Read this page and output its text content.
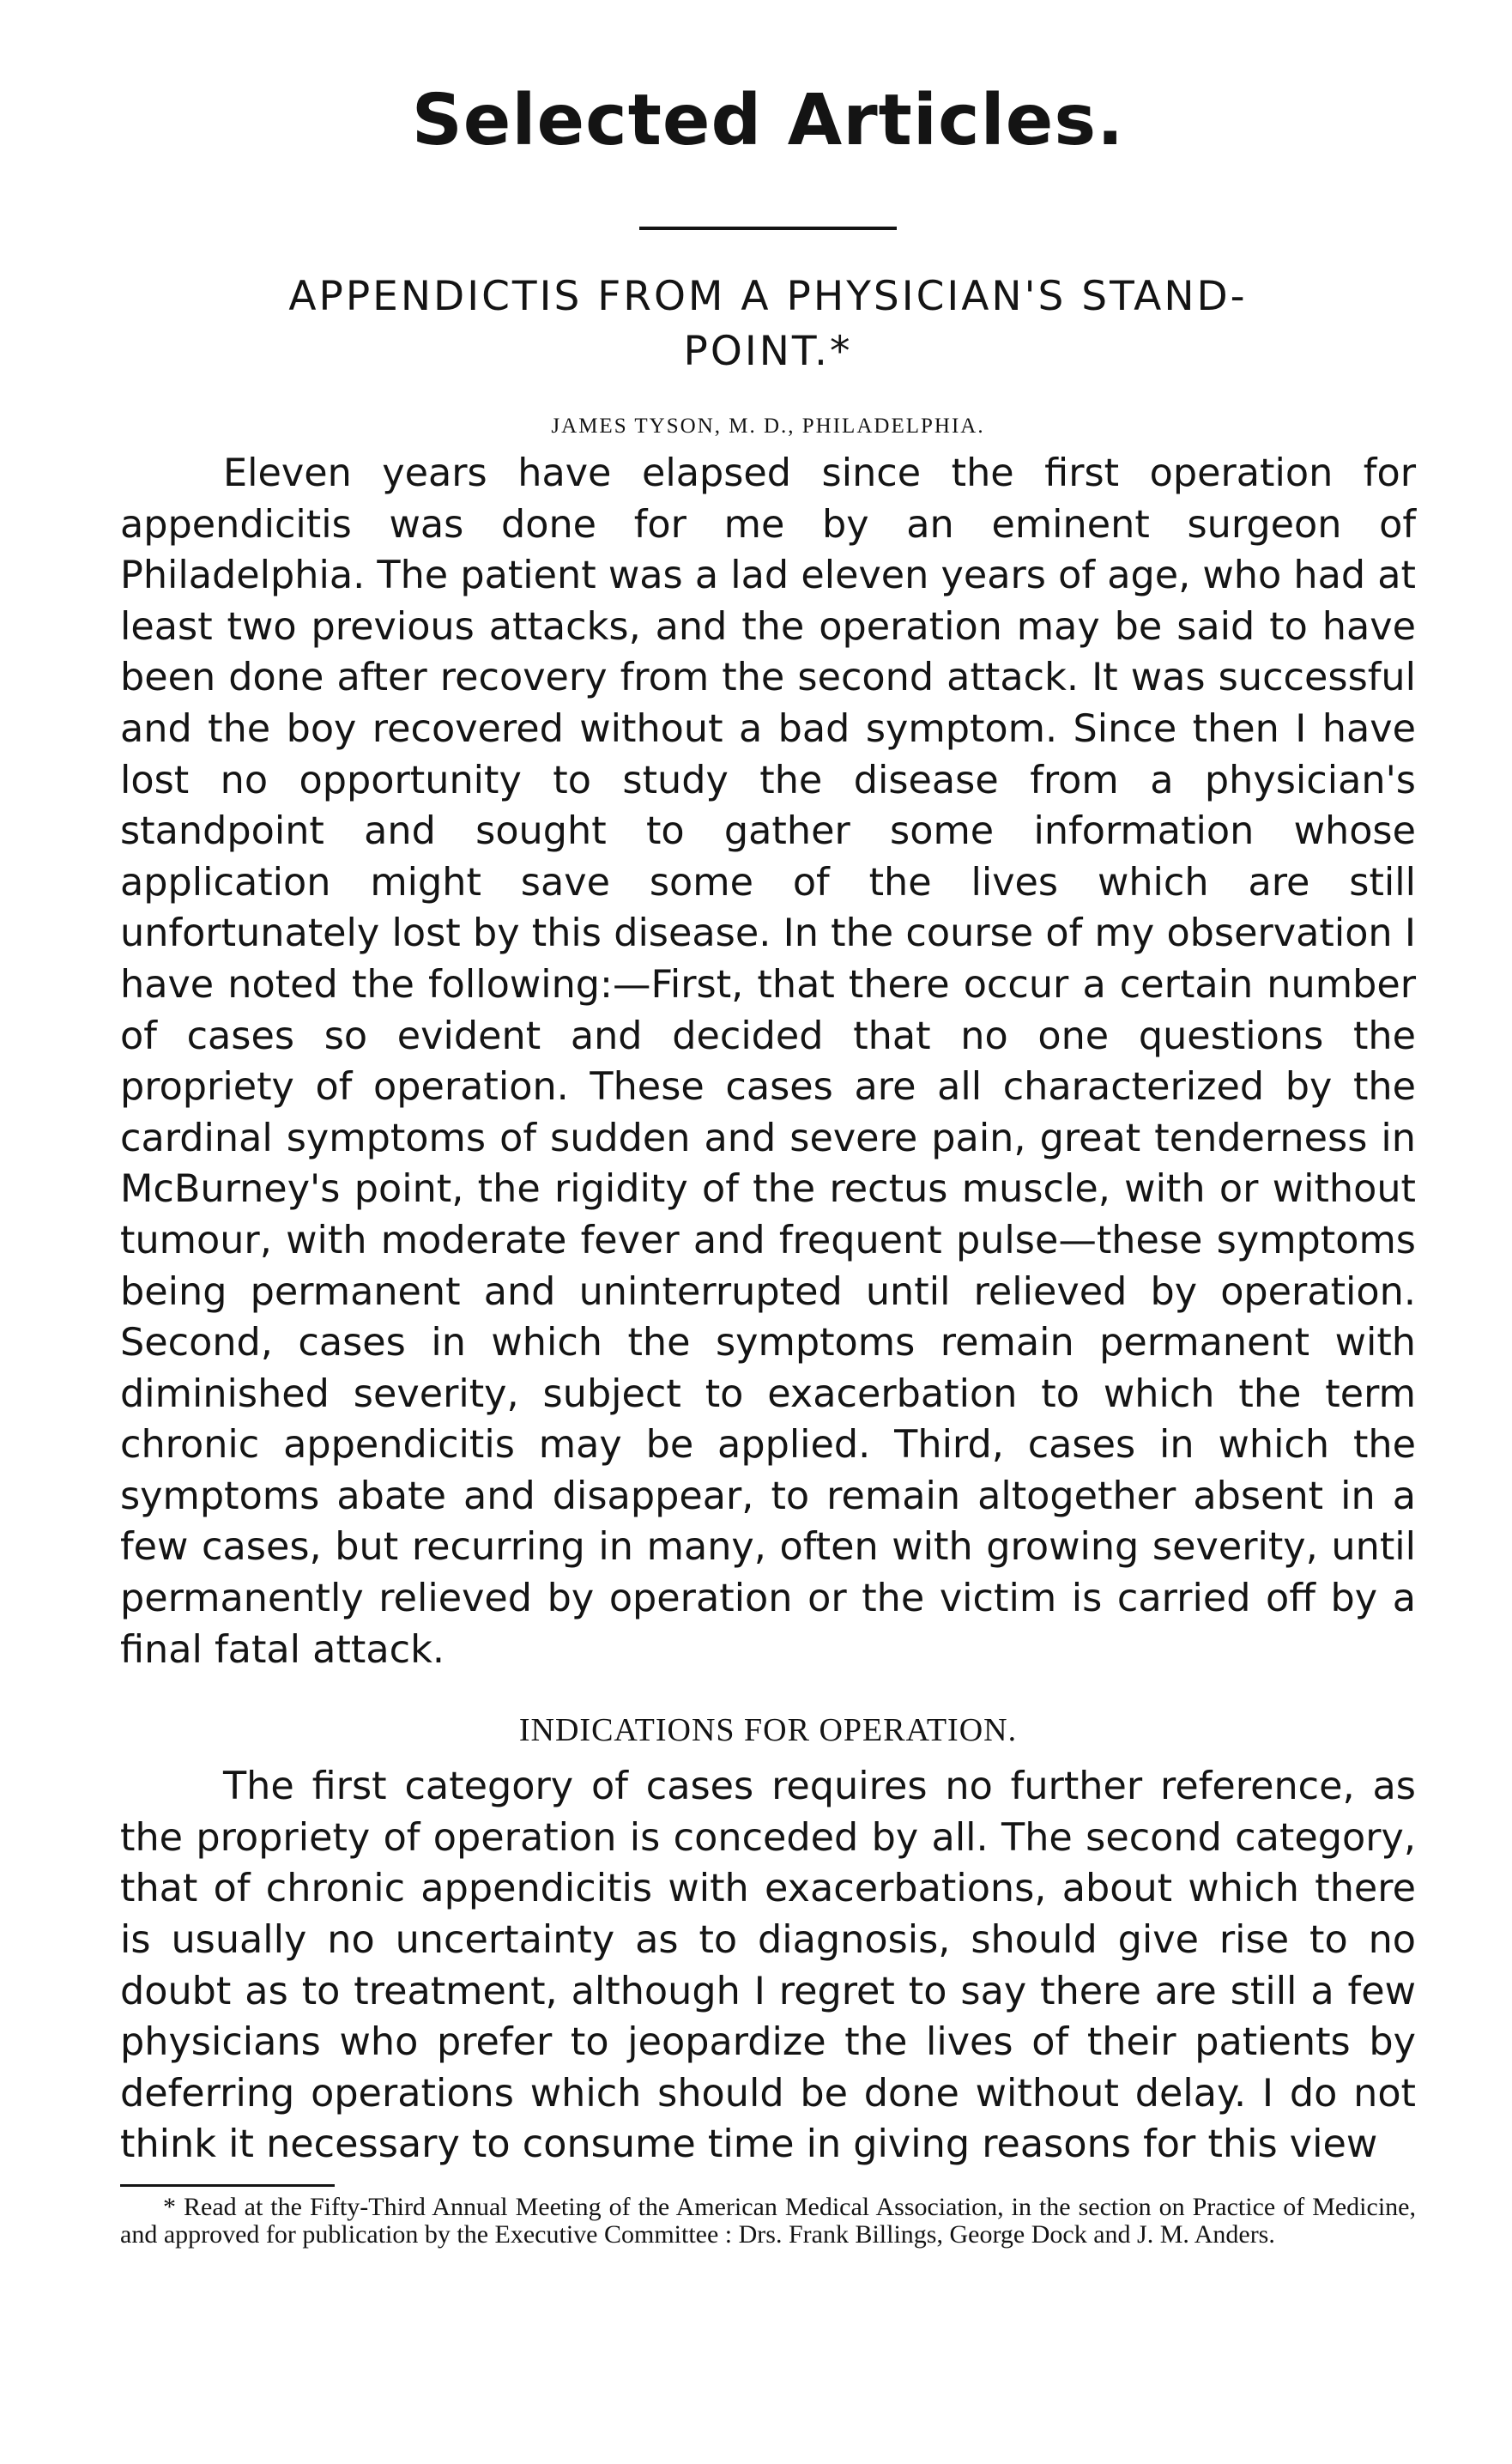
Selected Articles.
APPENDICTIS FROM A PHYSICIAN'S STAND-
POINT.*
JAMES TYSON, M. D., PHILADELPHIA.

Eleven years have elapsed since the first operation for appendicitis was done for me by an eminent surgeon of Philadelphia. The patient was a lad eleven years of age, who had at least two previous attacks, and the operation may be said to have been done after recovery from the second attack. It was successful and the boy recovered without a bad symptom. Since then I have lost no opportunity to study the disease from a physician's standpoint and sought to gather some information whose application might save some of the lives which are still unfortunately lost by this disease. In the course of my observation I have noted the following:—First, that there occur a certain number of cases so evident and decided that no one questions the propriety of operation. These cases are all characterized by the cardinal symptoms of sudden and severe pain, great tenderness in McBurney's point, the rigidity of the rectus muscle, with or without tumour, with moderate fever and frequent pulse—these symptoms being permanent and uninterrupted until relieved by operation. Second, cases in which the symptoms remain permanent with diminished severity, subject to exacerbation to which the term chronic appendicitis may be applied. Third, cases in which the symptoms abate and disappear, to remain altogether absent in a few cases, but recurring in many, often with growing severity, until permanently relieved by operation or the victim is carried off by a final fatal attack.

INDICATIONS FOR OPERATION.

The first category of cases requires no further reference, as the propriety of operation is conceded by all. The second category, that of chronic appendicitis with exacerbations, about which there is usually no uncertainty as to diagnosis, should give rise to no doubt as to treatment, although I regret to say there are still a few physicians who prefer to jeopardize the lives of their patients by deferring operations which should be done without delay. I do not think it necessary to consume time in giving reasons for this view

* Read at the Fifty-Third Annual Meeting of the American Medical Association, in the section on Practice of Medicine, and approved for publication by the Executive Committee : Drs. Frank Billings, George Dock and J. M. Anders.
